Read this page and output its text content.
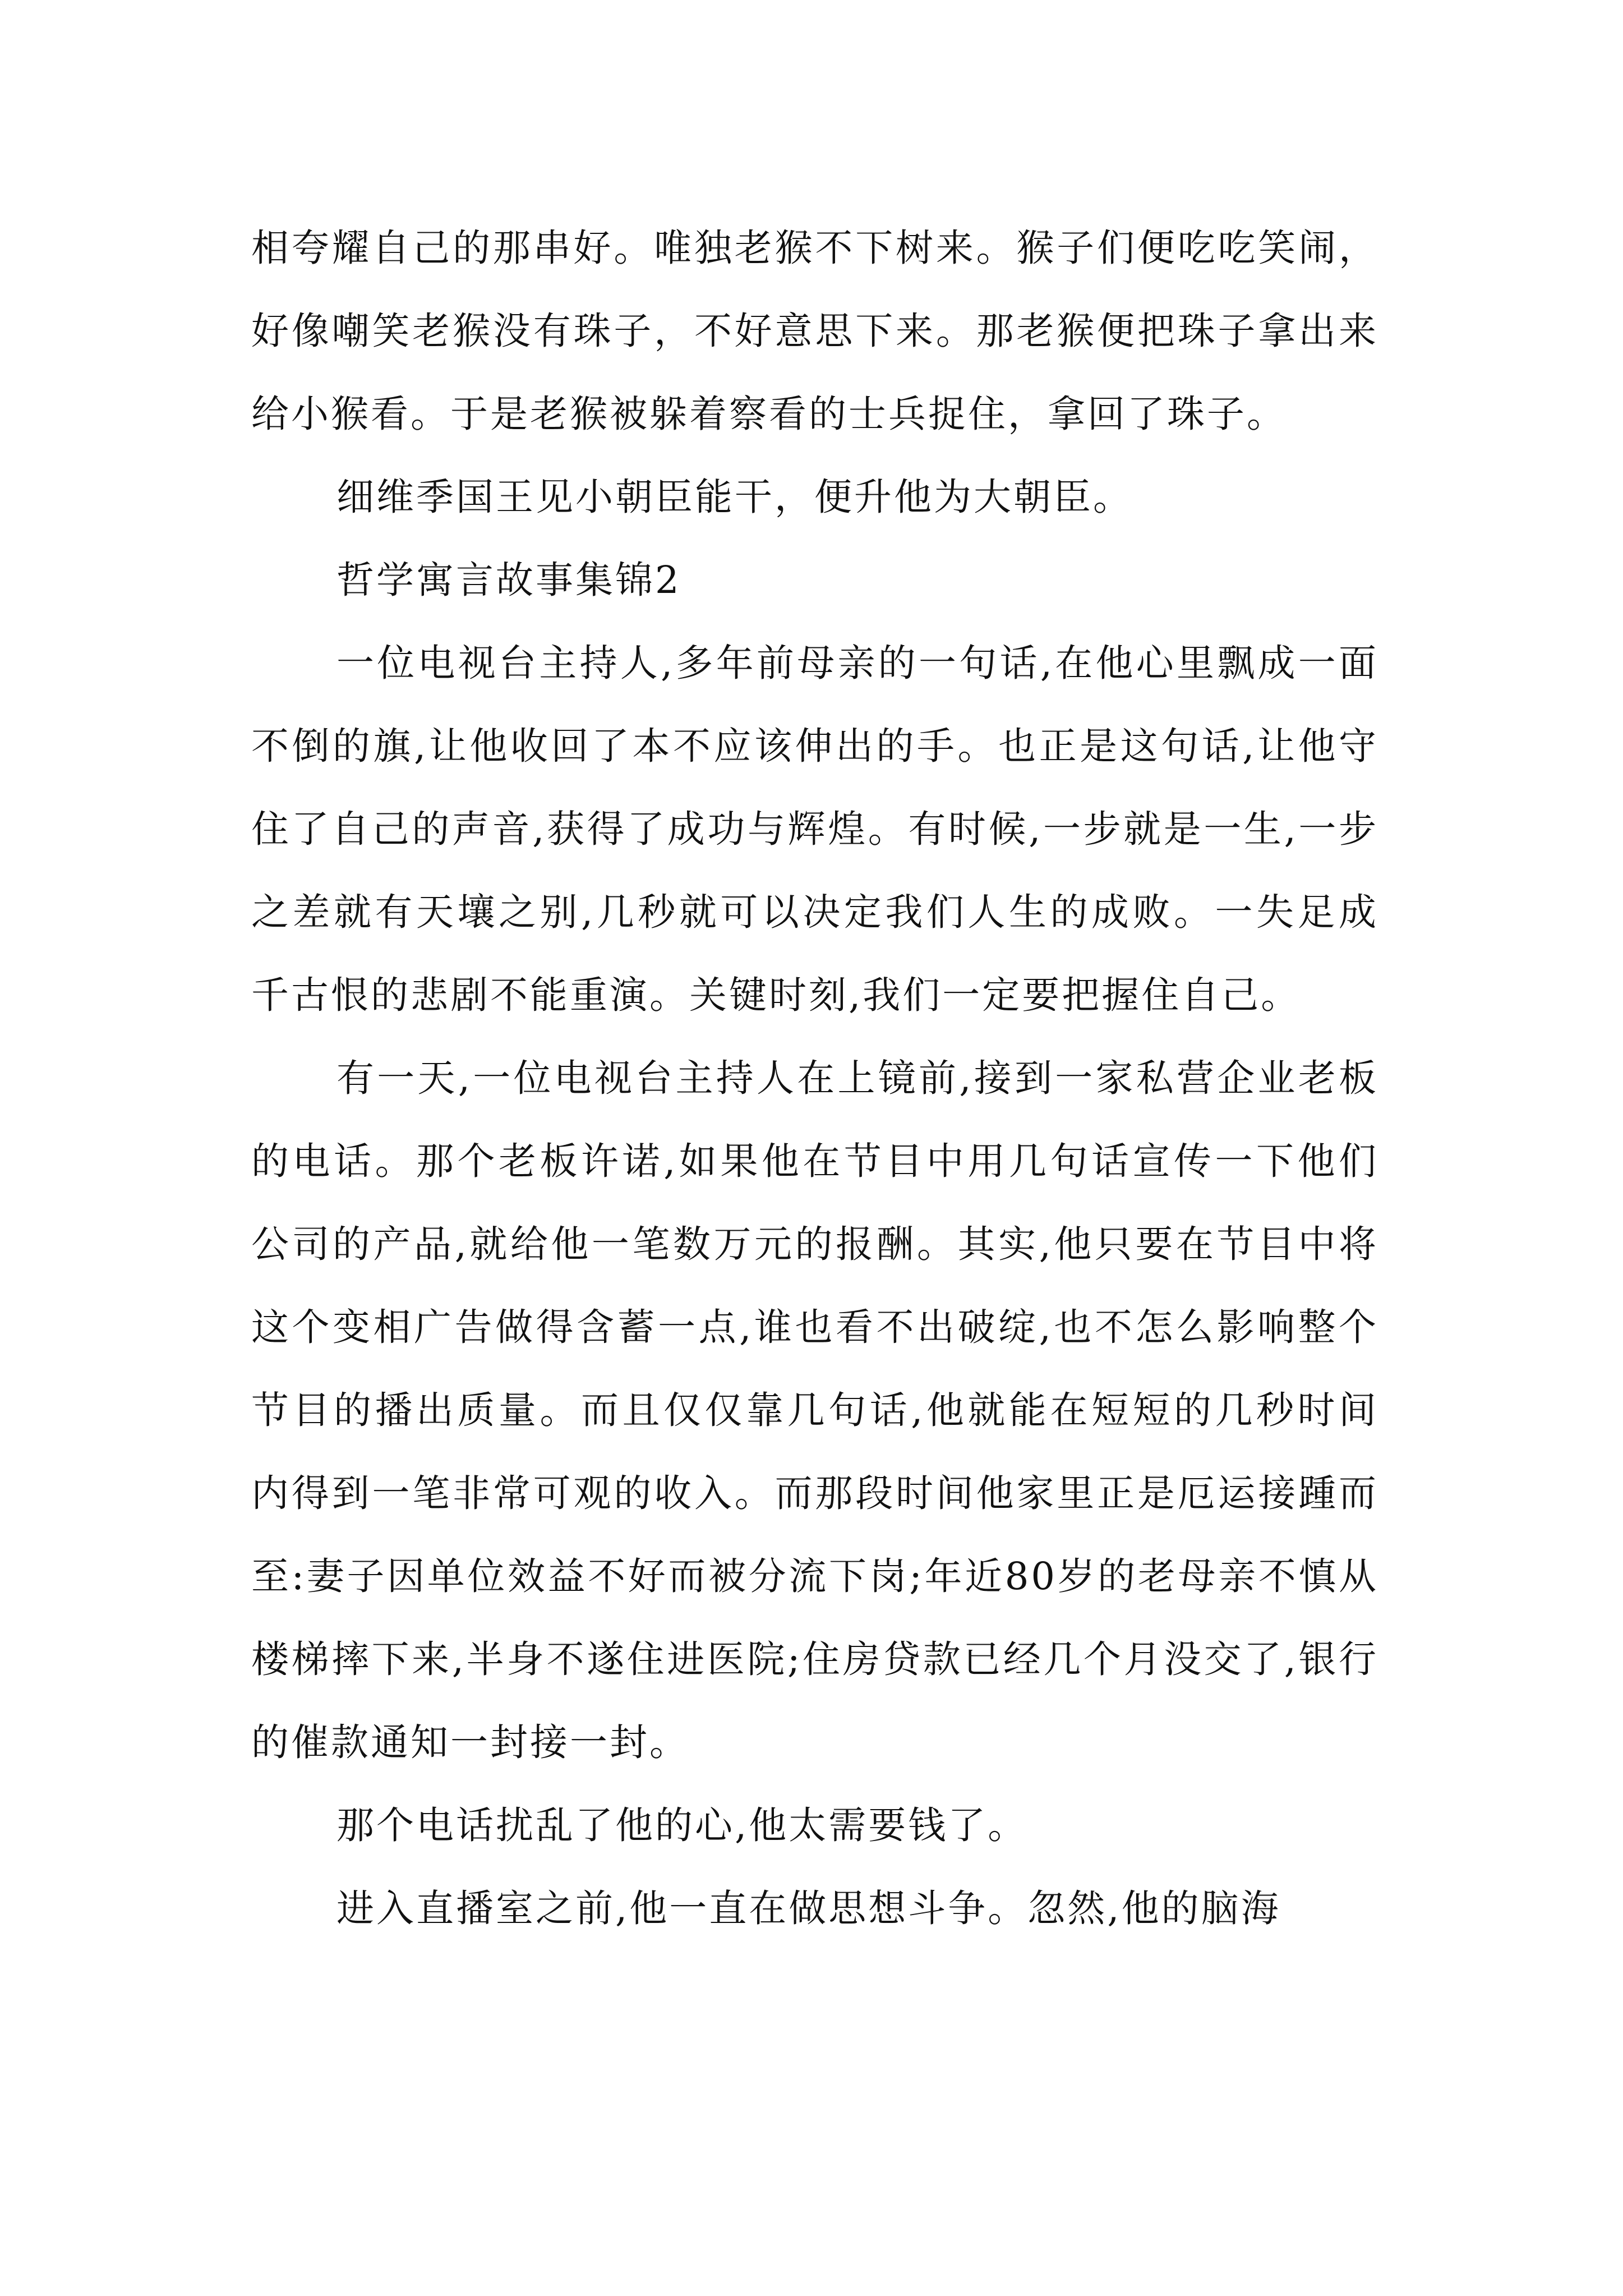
相夸耀自己的那串好。唯独老猴不下树来。猴子们便吃吃笑闹，好像嘲笑老猴没有珠子，不好意思下来。那老猴便把珠子拿出来给小猴看。于是老猴被躲着察看的士兵捉住，拿回了珠子。

细维季国王见小朝臣能干，便升他为大朝臣。

哲学寓言故事集锦2

一位电视台主持人,多年前母亲的一句话,在他心里飘成一面不倒的旗,让他收回了本不应该伸出的手。也正是这句话,让他守住了自己的声音,获得了成功与辉煌。有时候,一步就是一生,一步之差就有天壤之别,几秒就可以决定我们人生的成败。一失足成千古恨的悲剧不能重演。关键时刻,我们一定要把握住自己。

有一天,一位电视台主持人在上镜前,接到一家私营企业老板的电话。那个老板许诺,如果他在节目中用几句话宣传一下他们公司的产品,就给他一笔数万元的报酬。其实,他只要在节目中将这个变相广告做得含蓄一点,谁也看不出破绽,也不怎么影响整个节目的播出质量。而且仅仅靠几句话,他就能在短短的几秒时间内得到一笔非常可观的收入。而那段时间他家里正是厄运接踵而至:妻子因单位效益不好而被分流下岗;年近80岁的老母亲不慎从楼梯摔下来,半身不遂住进医院;住房贷款已经几个月没交了,银行的催款通知一封接一封。

那个电话扰乱了他的心,他太需要钱了。

进入直播室之前,他一直在做思想斗争。忽然,他的脑海
